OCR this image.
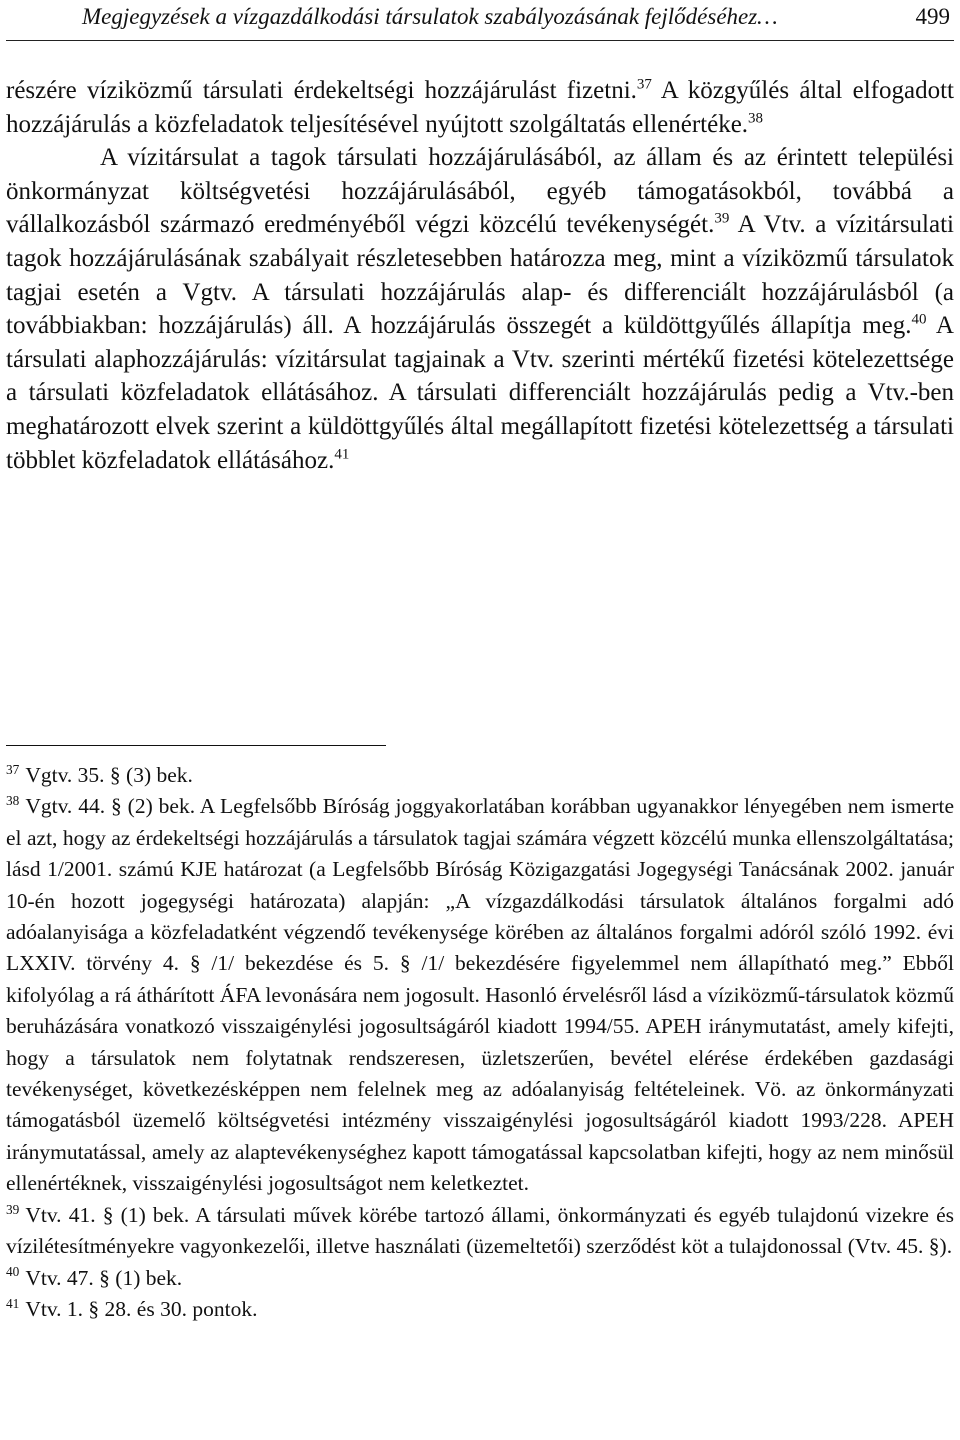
Megjegyzések a vízgazdálkodási társulatok szabályozásának fejlődéséhez…	499

részére víziközmű társulati érdekeltségi hozzájárulást fizetni.$^{37}$ A közgyűlés által elfogadott hozzájárulás a közfeladatok teljesítésével nyújtott szolgáltatás ellenértéke.$^{38}$

A vízitársulat a tagok társulati hozzájárulásából, az állam és az érintett települési önkormányzat költségvetési hozzájárulásából, egyéb támogatásokból, továbbá a vállalkozásból származó eredményéből végzi közcélú tevékenységét.$^{39}$ A Vtv. a vízitársulati tagok hozzájárulásának szabályait részletesebben határozza meg, mint a víziközmű társulatok tagjai esetén a Vgtv. A társulati hozzájárulás alap- és differenciált hozzájárulásból (a továbbiakban: hozzájárulás) áll. A hozzájárulás összegét a küldöttgyűlés állapítja meg.$^{40}$ A társulati alaphozzájárulás: vízitársulat tagjainak a Vtv. szerinti mértékű fizetési kötelezettsége a társulati közfeladatok ellátásához. A társulati differenciált hozzájárulás pedig a Vtv.-ben meghatározott elvek szerint a küldöttgyűlés által megállapított fizetési kötelezettség a társulati többlet közfeladatok ellátásához.$^{41}$

$^{37}$ Vgtv. 35. § (3) bek.

$^{38}$ Vgtv. 44. § (2) bek. A Legfelsőbb Bíróság joggyakorlatában korábban ugyanakkor lényegében nem ismerte el azt, hogy az érdekeltségi hozzájárulás a társulatok tagjai számára végzett közcélú munka ellenszolgáltatása; lásd 1/2001. számú KJE határozat (a Legfelsőbb Bíróság Közigazgatási Jogegységi Tanácsának 2002. január 10-én hozott jogegységi határozata) alapján: „A vízgazdálkodási társulatok általános forgalmi adó adóalanyisága a közfeladatként végzendő tevékenysége körében az általános forgalmi adóról szóló 1992. évi LXXIV. törvény 4. § /1/ bekezdése és 5. § /1/ bekezdésére figyelemmel nem állapítható meg.” Ebből kifolyólag a rá áthárított ÁFA levonására nem jogosult. Hasonló érvelésről lásd a víziközmű-társulatok közmű beruházására vonatkozó visszaigénylési jogosultságáról kiadott 1994/55. APEH iránymutatást, amely kifejti, hogy a társulatok nem folytatnak rendszeresen, üzletszerűen, bevétel elérése érdekében gazdasági tevékenységet, következésképpen nem felelnek meg az adóalanyiság feltételeinek. Vö. az önkormányzati támogatásból üzemelő költségvetési intézmény visszaigénylési jogosultságáról kiadott 1993/228. APEH iránymutatással, amely az alaptevékenységhez kapott támogatással kapcsolatban kifejti, hogy az nem minősül ellenértéknek, visszaigénylési jogosultságot nem keletkeztet.

$^{39}$ Vtv. 41. § (1) bek. A társulati művek körébe tartozó állami, önkormányzati és egyéb tulajdonú vizekre és vízilétesítményekre vagyonkezelői, illetve használati (üzemeltetői) szerződést köt a tulajdonossal (Vtv. 45. §).

$^{40}$ Vtv. 47. § (1) bek.

$^{41}$ Vtv. 1. § 28. és 30. pontok.
